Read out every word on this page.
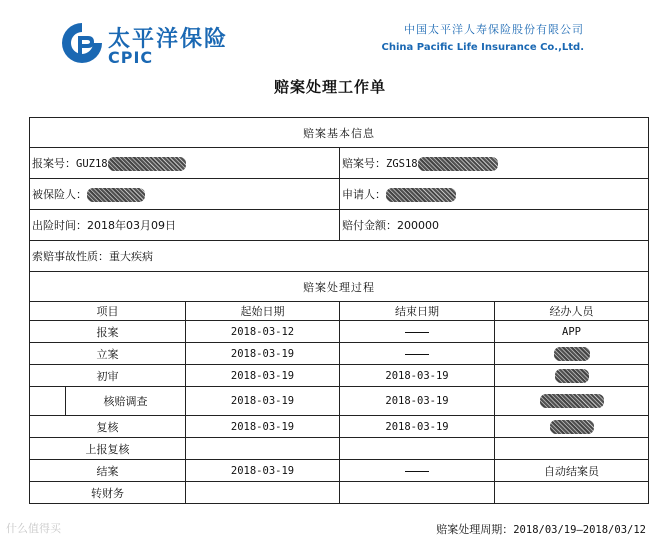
太平洋保险
CPIC
中国太平洋人寿保险股份有限公司
China Pacific Life Insurance Co.,Ltd.
赔案处理工作单
赔案基本信息				
报案号：GUZ18			赔案号：ZGS18	
被保险人：			申请人：	
出险时间：2018年03月09日			赔付金额：200000	
索赔事故性质：重大疾病				
赔案处理过程				
项目		起始日期	结束日期	经办人员
报案		2018-03-12		APP
立案		2018-03-19		
初审		2018-03-19	2018-03-19	
	核赔调查	2018-03-19	2018-03-19	
复核		2018-03-19	2018-03-19	
上报复核				
结案		2018-03-19		自动结案员
转财务				
赔案处理周期：2018/03/19—2018/03/12
什么值得买
